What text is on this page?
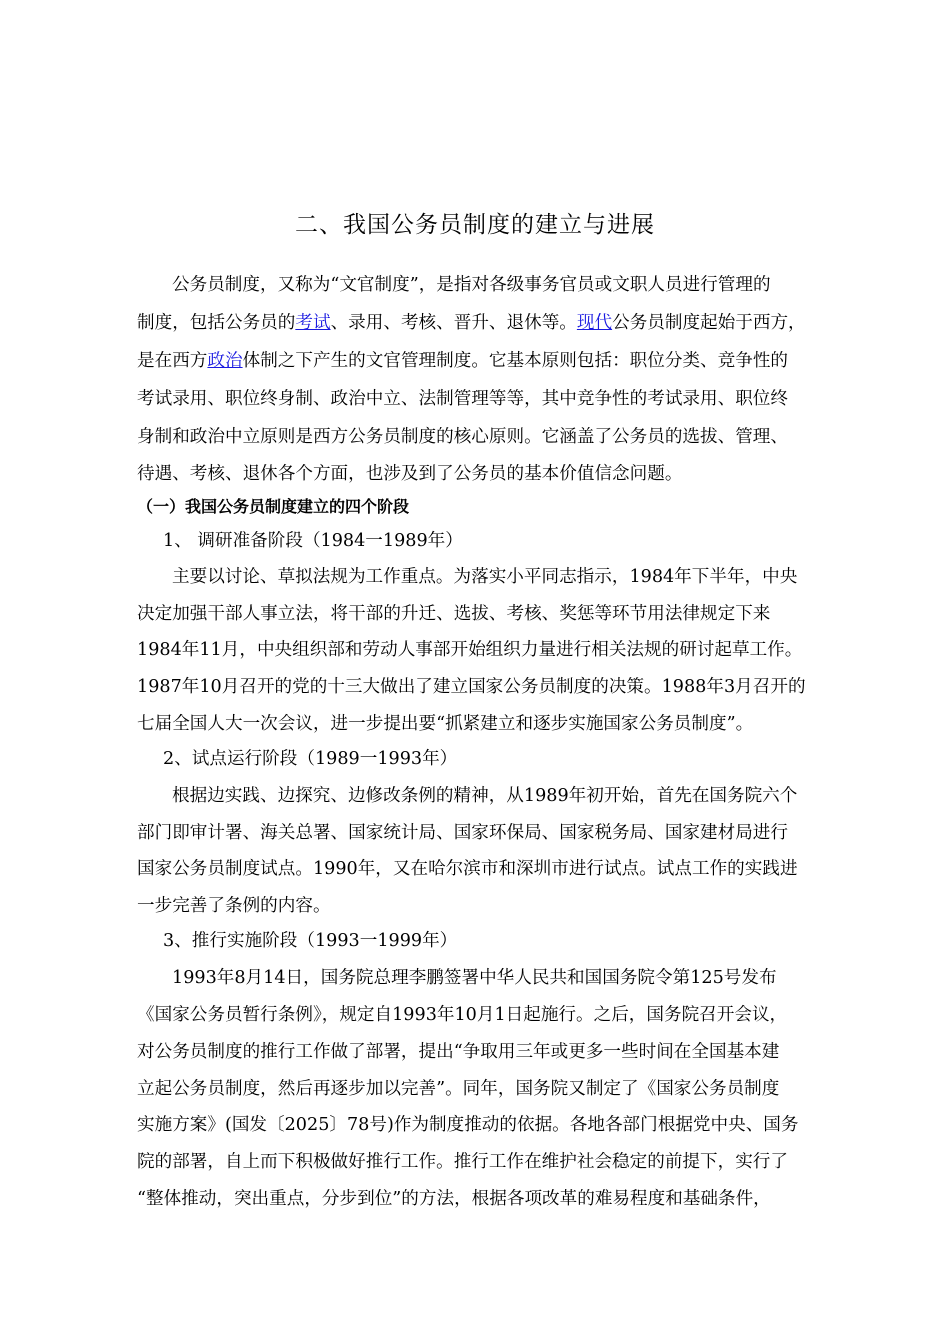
二、我国公务员制度的建立与进展
公务员制度，又称为“文官制度”，是指对各级事务官员或文职人员进行管理的
制度，包括公务员的考试、录用、考核、晋升、退休等。现代公务员制度起始于西方，
是在西方政治体制之下产生的文官管理制度。它基本原则包括：职位分类、竞争性的
考试录用、职位终身制、政治中立、法制管理等等，其中竞争性的考试录用、职位终
身制和政治中立原则是西方公务员制度的核心原则。它涵盖了公务员的选拔、管理、
待遇、考核、退休各个方面，也涉及到了公务员的基本价值信念问题。
（一）我国公务员制度建立的四个阶段
1、 调研准备阶段（1984一1989年）
主要以讨论、草拟法规为工作重点。为落实小平同志指示，1984年下半年，中央
决定加强干部人事立法，将干部的升迁、选拔、考核、奖惩等环节用法律规定下来
1984年11月，中央组织部和劳动人事部开始组织力量进行相关法规的研讨起草工作。
1987年10月召开的党的十三大做出了建立国家公务员制度的决策。1988年3月召开的
七届全国人大一次会议，进一步提出要“抓紧建立和逐步实施国家公务员制度”。
2、试点运行阶段（1989一1993年）
根据边实践、边探究、边修改条例的精神，从1989年初开始，首先在国务院六个
部门即审计署、海关总署、国家统计局、国家环保局、国家税务局、国家建材局进行
国家公务员制度试点。1990年，又在哈尔滨市和深圳市进行试点。试点工作的实践进
一步完善了条例的内容。
3、推行实施阶段（1993一1999年）
1993年8月14日，国务院总理李鹏签署中华人民共和国国务院令第125号发布
《国家公务员暂行条例》，规定自1993年10月1日起施行。之后，国务院召开会议，
对公务员制度的推行工作做了部署，提出“争取用三年或更多一些时间在全国基本建
立起公务员制度，然后再逐步加以完善”。同年，国务院又制定了《国家公务员制度
实施方案》(国发〔2025〕78号)作为制度推动的依据。各地各部门根据党中央、国务
院的部署，自上而下积极做好推行工作。推行工作在维护社会稳定的前提下，实行了
“整体推动，突出重点，分步到位”的方法，根据各项改革的难易程度和基础条件，
